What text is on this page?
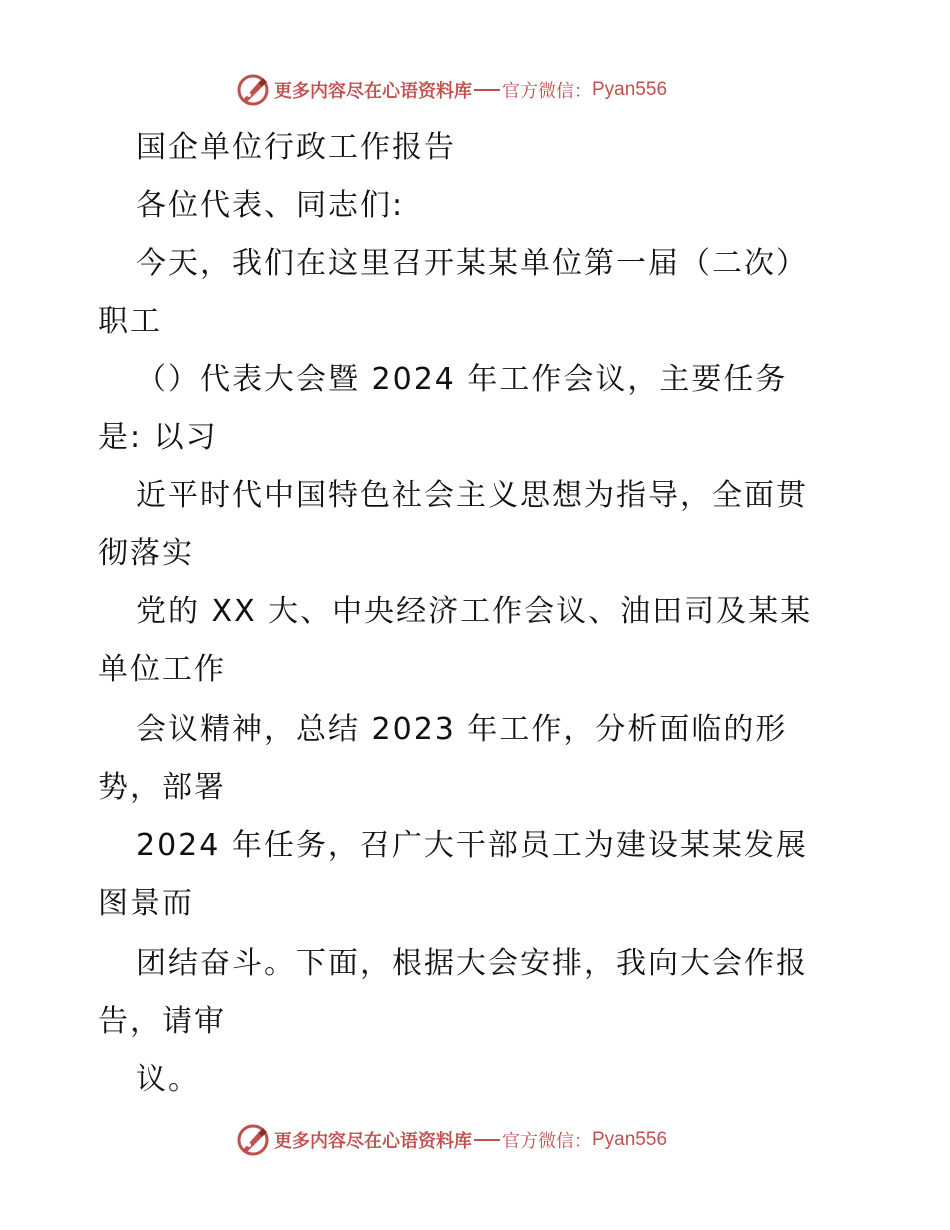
更多内容尽在心语资料库 官方微信： Pyan556
国企单位行政工作报告
各位代表、同志们:
今天，我们在这里召开某某单位第一届（二次）
职工
（）代表大会暨 2024 年工作会议，主要任务
是: 以习
近平时代中国特色社会主义思想为指导，全面贯
彻落实
党的 XX 大、中央经济工作会议、油田司及某某
单位工作
会议精神，总结 2023 年工作，分析面临的形
势，部署
2024 年任务，召广大干部员工为建设某某发展
图景而
团结奋斗。下面，根据大会安排，我向大会作报
告，请审
议。
更多内容尽在心语资料库 官方微信： Pyan556
